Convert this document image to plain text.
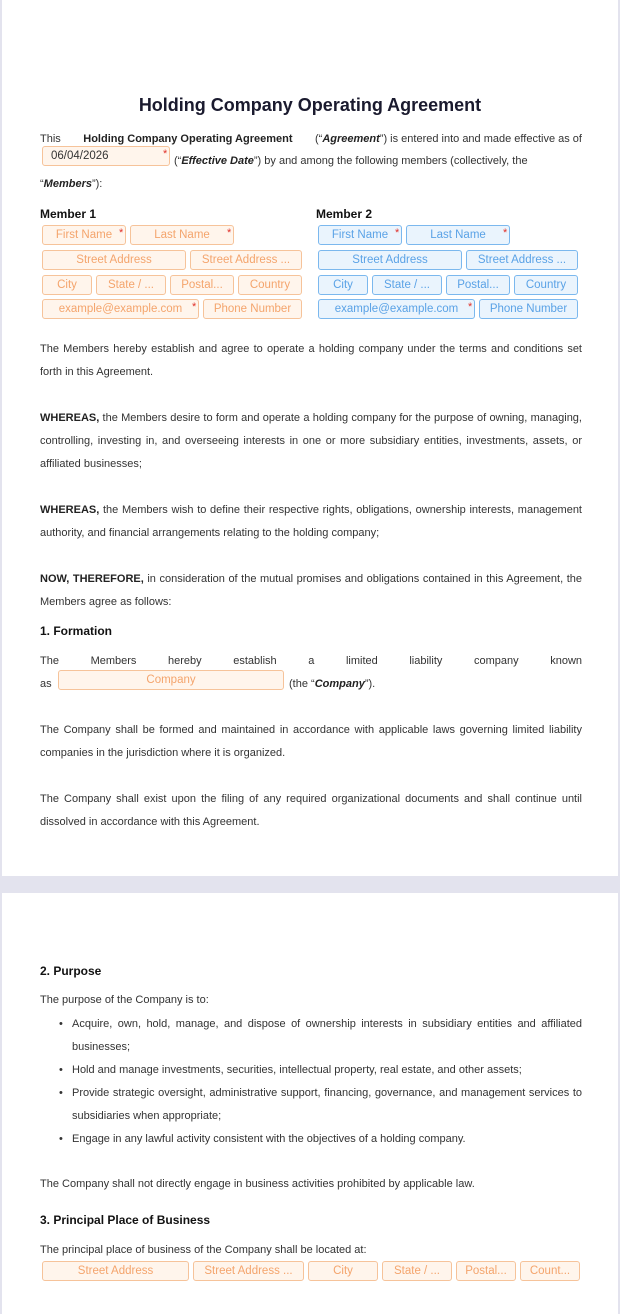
Holding Company Operating Agreement
This Holding Company Operating Agreement (“Agreement”) is entered into and made effective as of
06/04/2026	*
(“Effective Date”) by and among the following members (collectively, the
“Members”):
Member 1
First Name *	Last Name	*
Street Address	Street Address ...
City	State / ...	Postal...	Country
example@example.com *	Phone Number
Member 2
First Name *	Last Name	*
Street Address	Street Address ...
City	State / ...	Postal...	Country
example@example.com *	Phone Number
The Members hereby establish and agree to operate a holding company under the terms and conditions set forth in this Agreement.
WHEREAS, the Members desire to form and operate a holding company for the purpose of owning, managing, controlling, investing in, and overseeing interests in one or more subsidiary entities, investments, assets, or affiliated businesses;
WHEREAS, the Members wish to define their respective rights, obligations, ownership interests, management authority, and financial arrangements relating to the holding company;
NOW, THEREFORE, in consideration of the mutual promises and obligations contained in this Agreement, the Members agree as follows:
1. Formation
The	Members	hereby	establish	a	limited	liability	company	known
as	Company	(the “Company”).
The Company shall be formed and maintained in accordance with applicable laws governing limited liability companies in the jurisdiction where it is organized.
The Company shall exist upon the filing of any required organizational documents and shall continue until dissolved in accordance with this Agreement.
2. Purpose
The purpose of the Company is to:
• Acquire, own, hold, manage, and dispose of ownership interests in subsidiary entities and affiliated businesses;
• Hold and manage investments, securities, intellectual property, real estate, and other assets;
• Provide strategic oversight, administrative support, financing, governance, and management services to subsidiaries when appropriate;
• Engage in any lawful activity consistent with the objectives of a holding company.
The Company shall not directly engage in business activities prohibited by applicable law.
3. Principal Place of Business
The principal place of business of the Company shall be located at:
Street Address	Street Address ...	City	State / ...	Postal...	Count...
